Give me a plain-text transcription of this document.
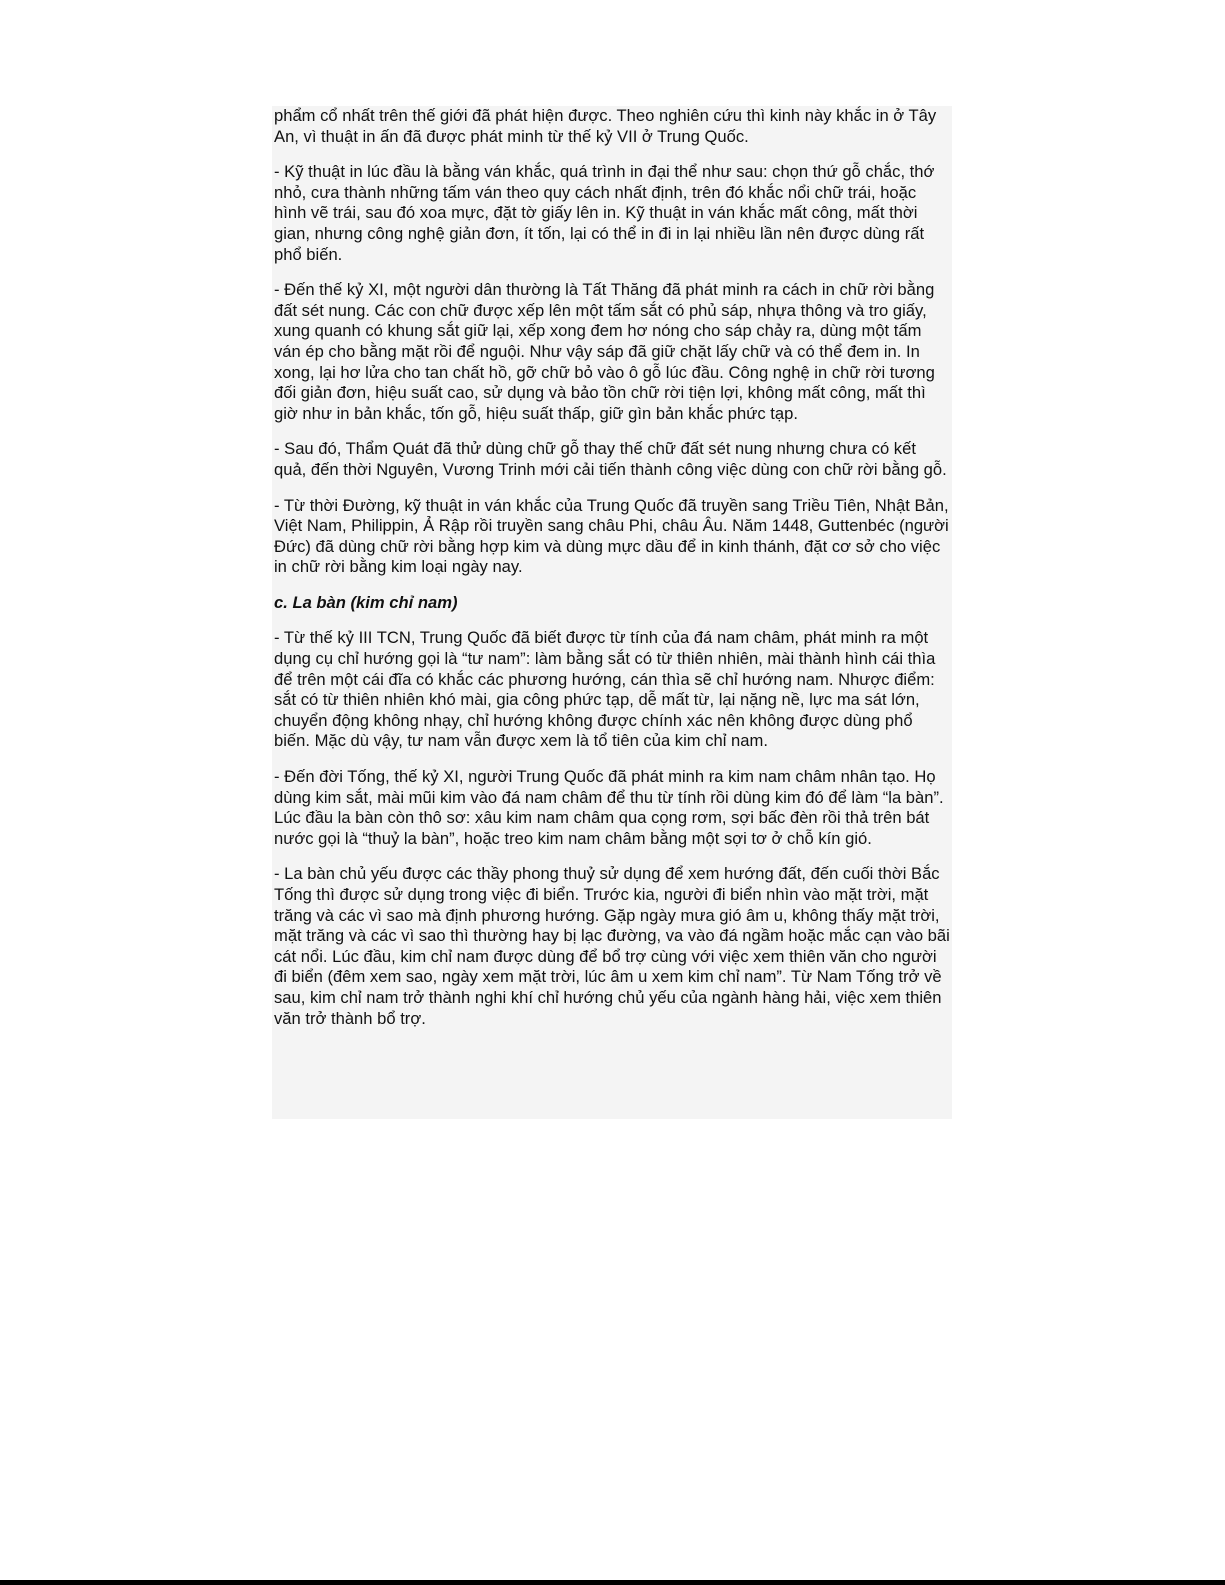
phẩm cổ nhất trên thế giới đã phát hiện được. Theo nghiên cứu thì kinh này khắc in ở Tây An, vì thuật in ấn đã được phát minh từ thế kỷ VII ở Trung Quốc.

- Kỹ thuật in lúc đầu là bằng ván khắc, quá trình in đại thể như sau: chọn thứ gỗ chắc, thớ nhỏ, cưa thành những tấm ván theo quy cách nhất định, trên đó khắc nổi chữ trái, hoặc hình vẽ trái, sau đó xoa mực, đặt tờ giấy lên in. Kỹ thuật in ván khắc mất công, mất thời gian, nhưng công nghệ giản đơn, ít tốn, lại có thể in đi in lại nhiều lần nên được dùng rất phổ biến.

- Đến thế kỷ XI, một người dân thường là Tất Thăng đã phát minh ra cách in chữ rời bằng đất sét nung. Các con chữ được xếp lên một tấm sắt có phủ sáp, nhựa thông và tro giấy, xung quanh có khung sắt giữ lại, xếp xong đem hơ nóng cho sáp chảy ra, dùng một tấm ván ép cho bằng mặt rồi để nguội. Như vậy sáp đã giữ chặt lấy chữ và có thể đem in. In xong, lại hơ lửa cho tan chất hồ, gỡ chữ bỏ vào ô gỗ lúc đầu. Công nghệ in chữ rời tương đối giản đơn, hiệu suất cao, sử dụng và bảo tồn chữ rời tiện lợi, không mất công, mất thì giờ như in bản khắc, tốn gỗ, hiệu suất thấp, giữ gìn bản khắc phức tạp.

- Sau đó, Thẩm Quát đã thử dùng chữ gỗ thay thế chữ đất sét nung nhưng chưa có kết quả, đến thời Nguyên, Vương Trinh mới cải tiến thành công việc dùng con chữ rời bằng gỗ.

- Từ thời Đường, kỹ thuật in ván khắc của Trung Quốc đã truyền sang Triều Tiên, Nhật Bản, Việt Nam, Philippin, Ả Rập rồi truyền sang châu Phi, châu Âu. Năm 1448, Guttenbéc (người Đức) đã dùng chữ rời bằng hợp kim và dùng mực dầu để in kinh thánh, đặt cơ sở cho việc in chữ rời bằng kim loại ngày nay.

c. La bàn (kim chỉ nam)

- Từ thế kỷ III TCN, Trung Quốc đã biết được từ tính của đá nam châm, phát minh ra một dụng cụ chỉ hướng gọi là “tư nam”: làm bằng sắt có từ thiên nhiên, mài thành hình cái thìa để trên một cái đĩa có khắc các phương hướng, cán thìa sẽ chỉ hướng nam. Nhược điểm: sắt có từ thiên nhiên khó mài, gia công phức tạp, dễ mất từ, lại nặng nề, lực ma sát lớn, chuyển động không nhạy, chỉ hướng không được chính xác nên không được dùng phổ biến. Mặc dù vậy, tư nam vẫn được xem là tổ tiên của kim chỉ nam.

- Đến đời Tống, thế kỷ XI, người Trung Quốc đã phát minh ra kim nam châm nhân tạo. Họ dùng kim sắt, mài mũi kim vào đá nam châm để thu từ tính rồi dùng kim đó để làm “la bàn”. Lúc đầu la bàn còn thô sơ: xâu kim nam châm qua cọng rơm, sợi bấc đèn rồi thả trên bát nước gọi là “thuỷ la bàn”, hoặc treo kim nam châm bằng một sợi tơ ở chỗ kín gió.

- La bàn chủ yếu được các thầy phong thuỷ sử dụng để xem hướng đất, đến cuối thời Bắc Tống thì được sử dụng trong việc đi biển. Trước kia, người đi biển nhìn vào mặt trời, mặt trăng và các vì sao mà định phương hướng. Gặp ngày mưa gió âm u, không thấy mặt trời, mặt trăng và các vì sao thì thường hay bị lạc đường, va vào đá ngầm hoặc mắc cạn vào bãi cát nổi. Lúc đầu, kim chỉ nam được dùng để bổ trợ cùng với việc xem thiên văn cho người đi biển (đêm xem sao, ngày xem mặt trời, lúc âm u xem kim chỉ nam”. Từ Nam Tống trở về sau, kim chỉ nam trở thành nghi khí chỉ hướng chủ yếu của ngành hàng hải, việc xem thiên văn trở thành bổ trợ.
